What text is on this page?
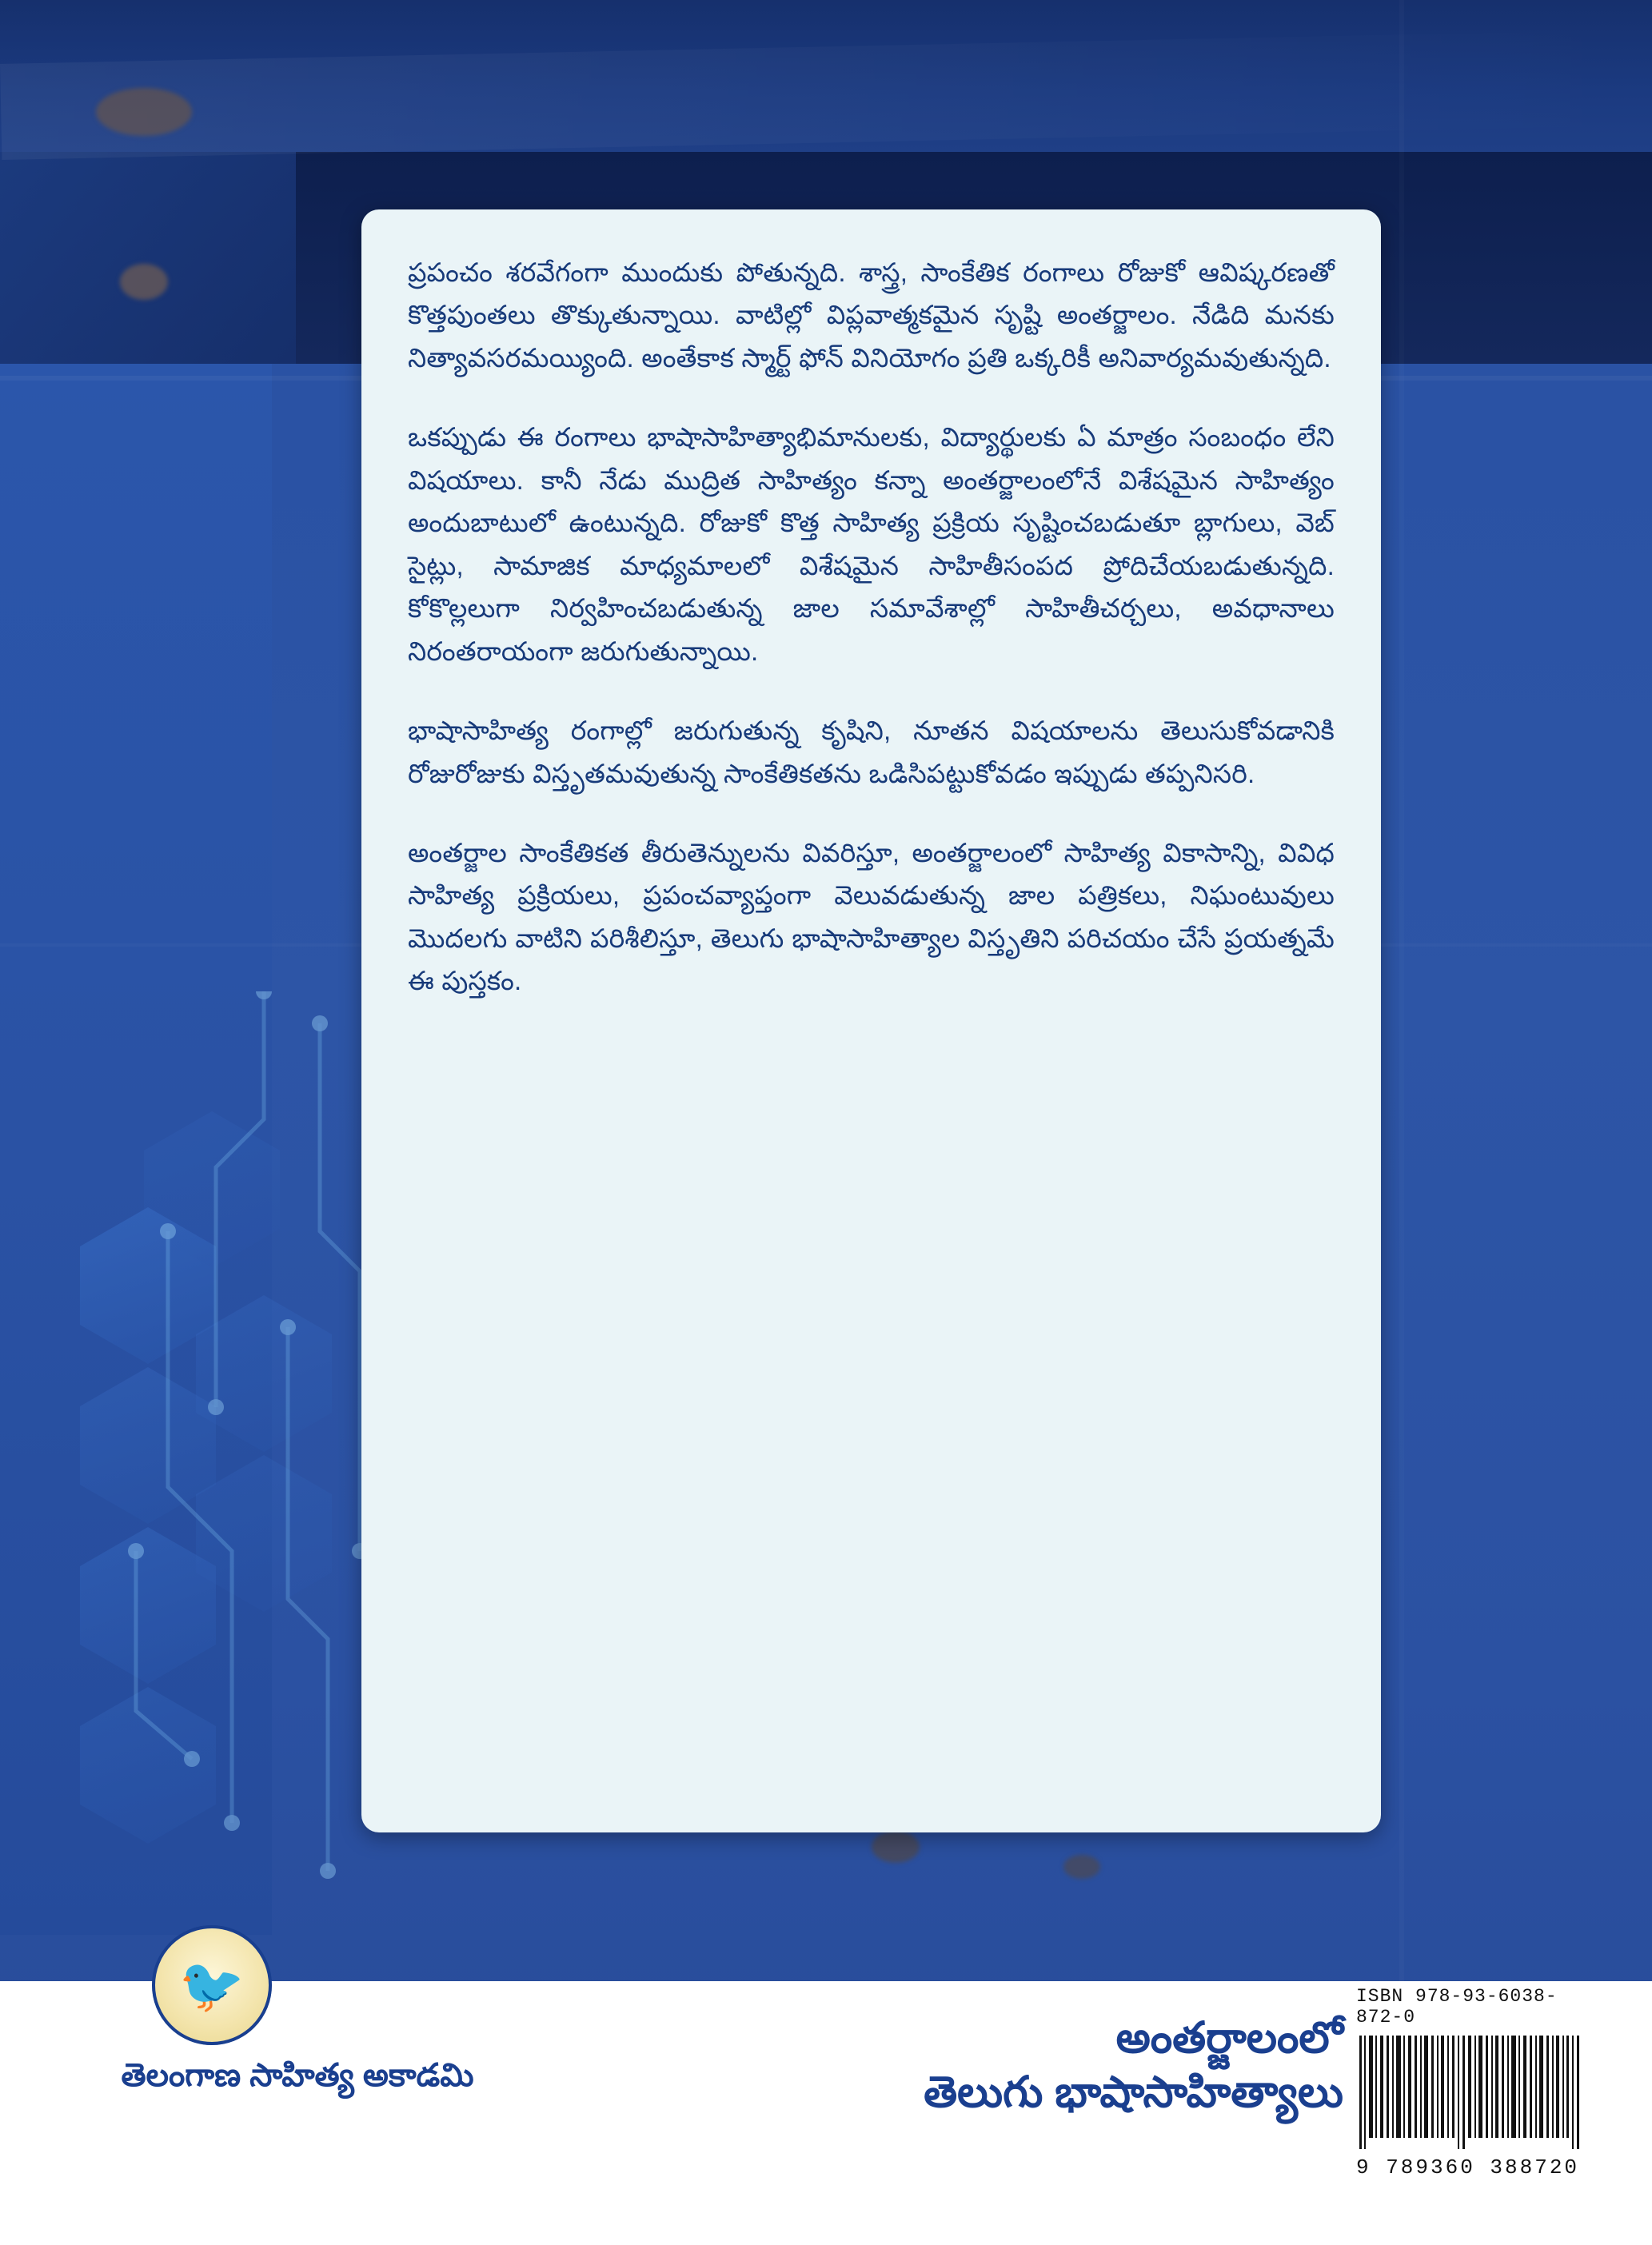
ప్రపంచం శరవేగంగా ముందుకు పోతున్నది. శాస్త్ర, సాంకేతిక రంగాలు రోజుకో ఆవిష్కరణతో కొత్తపుంతలు తొక్కుతున్నాయి. వాటిల్లో విప్లవాత్మకమైన సృష్టి అంతర్జాలం. నేడిది మనకు నిత్యావసరమయ్యింది. అంతేకాక స్మార్ట్ ఫోన్ వినియోగం ప్రతి ఒక్కరికీ అనివార్యమవుతున్నది.

ఒకప్పుడు ఈ రంగాలు భాషాసాహిత్యాభిమానులకు, విద్యార్థులకు ఏ మాత్రం సంబంధం లేని విషయాలు. కానీ నేడు ముద్రిత సాహిత్యం కన్నా అంతర్జాలంలోనే విశేషమైన సాహిత్యం అందుబాటులో ఉంటున్నది. రోజుకో కొత్త సాహిత్య ప్రక్రియ సృష్టించబడుతూ బ్లాగులు, వెబ్ సైట్లు, సామాజిక మాధ్యమాలలో విశేషమైన సాహితీసంపద ప్రోదిచేయబడుతున్నది. కోకొల్లలుగా నిర్వహించబడుతున్న జాల సమావేశాల్లో సాహితీచర్చలు, అవధానాలు నిరంతరాయంగా జరుగుతున్నాయి.

భాషాసాహిత్య రంగాల్లో జరుగుతున్న కృషిని, నూతన విషయాలను తెలుసుకోవడానికి రోజురోజుకు విస్తృతమవుతున్న సాంకేతికతను ఒడిసిపట్టుకోవడం ఇప్పుడు తప్పనిసరి.

అంతర్జాల సాంకేతికత తీరుతెన్నులను వివరిస్తూ, అంతర్జాలంలో సాహిత్య వికాసాన్ని, వివిధ సాహిత్య ప్రక్రియలు, ప్రపంచవ్యాప్తంగా వెలువడుతున్న జాల పత్రికలు, నిఘంటువులు మొదలగు వాటిని పరిశీలిస్తూ, తెలుగు భాషాసాహిత్యాల విస్తృతిని పరిచయం చేసే ప్రయత్నమే ఈ పుస్తకం.

🐦
తెలంగాణ సాహిత్య అకాడమి
అంతర్జాలంలో
తెలుగు భాషాసాహిత్యాలు
ISBN 978-93-6038-872-0
9 789360 388720
